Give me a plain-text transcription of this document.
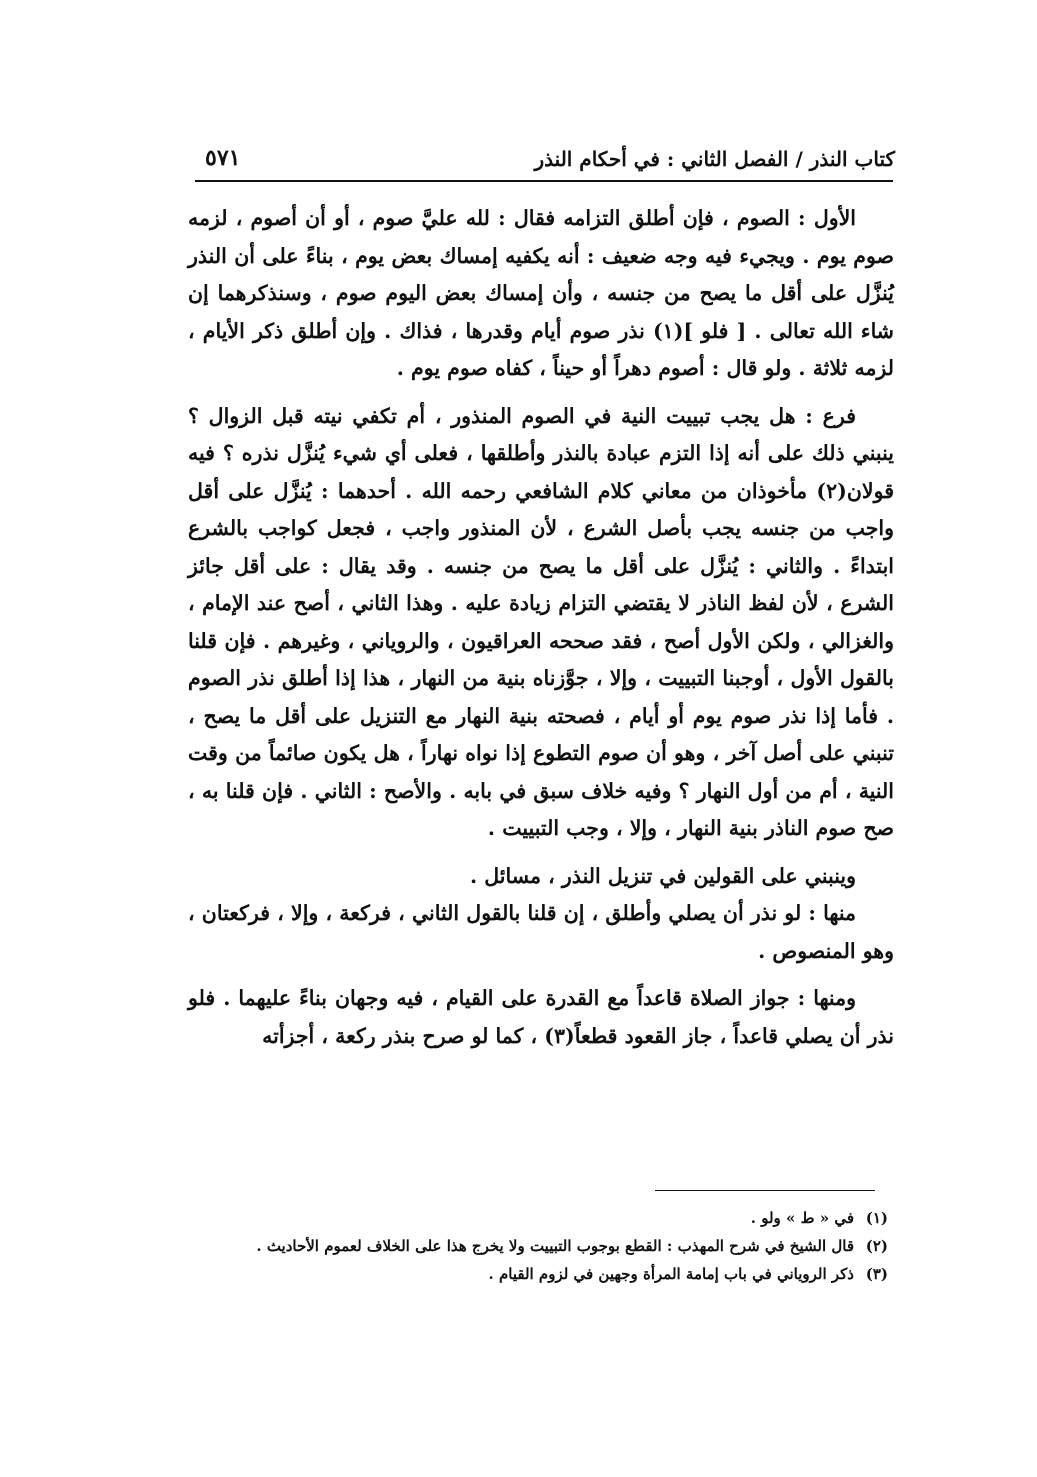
كتاب النذر / الفصل الثاني : في أحكام النذر
٥٧١

الأول : الصوم ، فإن أطلق التزامه فقال : لله عليَّ صوم ، أو أن أصوم ، لزمه صوم يوم . ويجيء فيه وجه ضعيف : أنه يكفيه إمساك بعض يوم ، بناءً على أن النذر يُنزَّل على أقل ما يصح من جنسه ، وأن إمساك بعض اليوم صوم ، وسنذكرهما إن شاء الله تعالى . [ فلو ](١) نذر صوم أيام وقدرها ، فذاك . وإن أطلق ذكر الأيام ، لزمه ثلاثة . ولو قال : أصوم دهراً أو حيناً ، كفاه صوم يوم .

فرع : هل يجب تبييت النية في الصوم المنذور ، أم تكفي نيته قبل الزوال ؟ ينبني ذلك على أنه إذا التزم عبادة بالنذر وأطلقها ، فعلى أي شيء يُنزَّل نذره ؟ فيه قولان(٢) مأخوذان من معاني كلام الشافعي رحمه الله . أحدهما : يُنزَّل على أقل واجب من جنسه يجب بأصل الشرع ، لأن المنذور واجب ، فجعل كواجب بالشرع ابتداءً . والثاني : يُنزَّل على أقل ما يصح من جنسه . وقد يقال : على أقل جائز الشرع ، لأن لفظ الناذر لا يقتضي التزام زيادة عليه . وهذا الثاني ، أصح عند الإمام ، والغزالي ، ولكن الأول أصح ، فقد صححه العراقيون ، والروياني ، وغيرهم . فإن قلنا بالقول الأول ، أوجبنا التبييت ، وإلا ، جوَّزناه بنية من النهار ، هذا إذا أطلق نذر الصوم . فأما إذا نذر صوم يوم أو أيام ، فصحته بنية النهار مع التنزيل على أقل ما يصح ، تنبني على أصل آخر ، وهو أن صوم التطوع إذا نواه نهاراً ، هل يكون صائماً من وقت النية ، أم من أول النهار ؟ وفيه خلاف سبق في بابه . والأصح : الثاني . فإن قلنا به ، صح صوم الناذر بنية النهار ، وإلا ، وجب التبييت .

وينبني على القولين في تنزيل النذر ، مسائل .

منها : لو نذر أن يصلي وأطلق ، إن قلنا بالقول الثاني ، فركعة ، وإلا ، فركعتان ، وهو المنصوص .

ومنها : جواز الصلاة قاعداً مع القدرة على القيام ، فيه وجهان بناءً عليهما . فلو نذر أن يصلي قاعداً ، جاز القعود قطعاً(٣) ، كما لو صرح بنذر ركعة ، أجزأته

(١)في « ط » ولو .

(٢)قال الشيخ في شرح المهذب : القطع بوجوب التبييت ولا يخرج هذا على الخلاف لعموم الأحاديث .

(٣)ذكر الروياني في باب إمامة المرأة وجهين في لزوم القيام .
